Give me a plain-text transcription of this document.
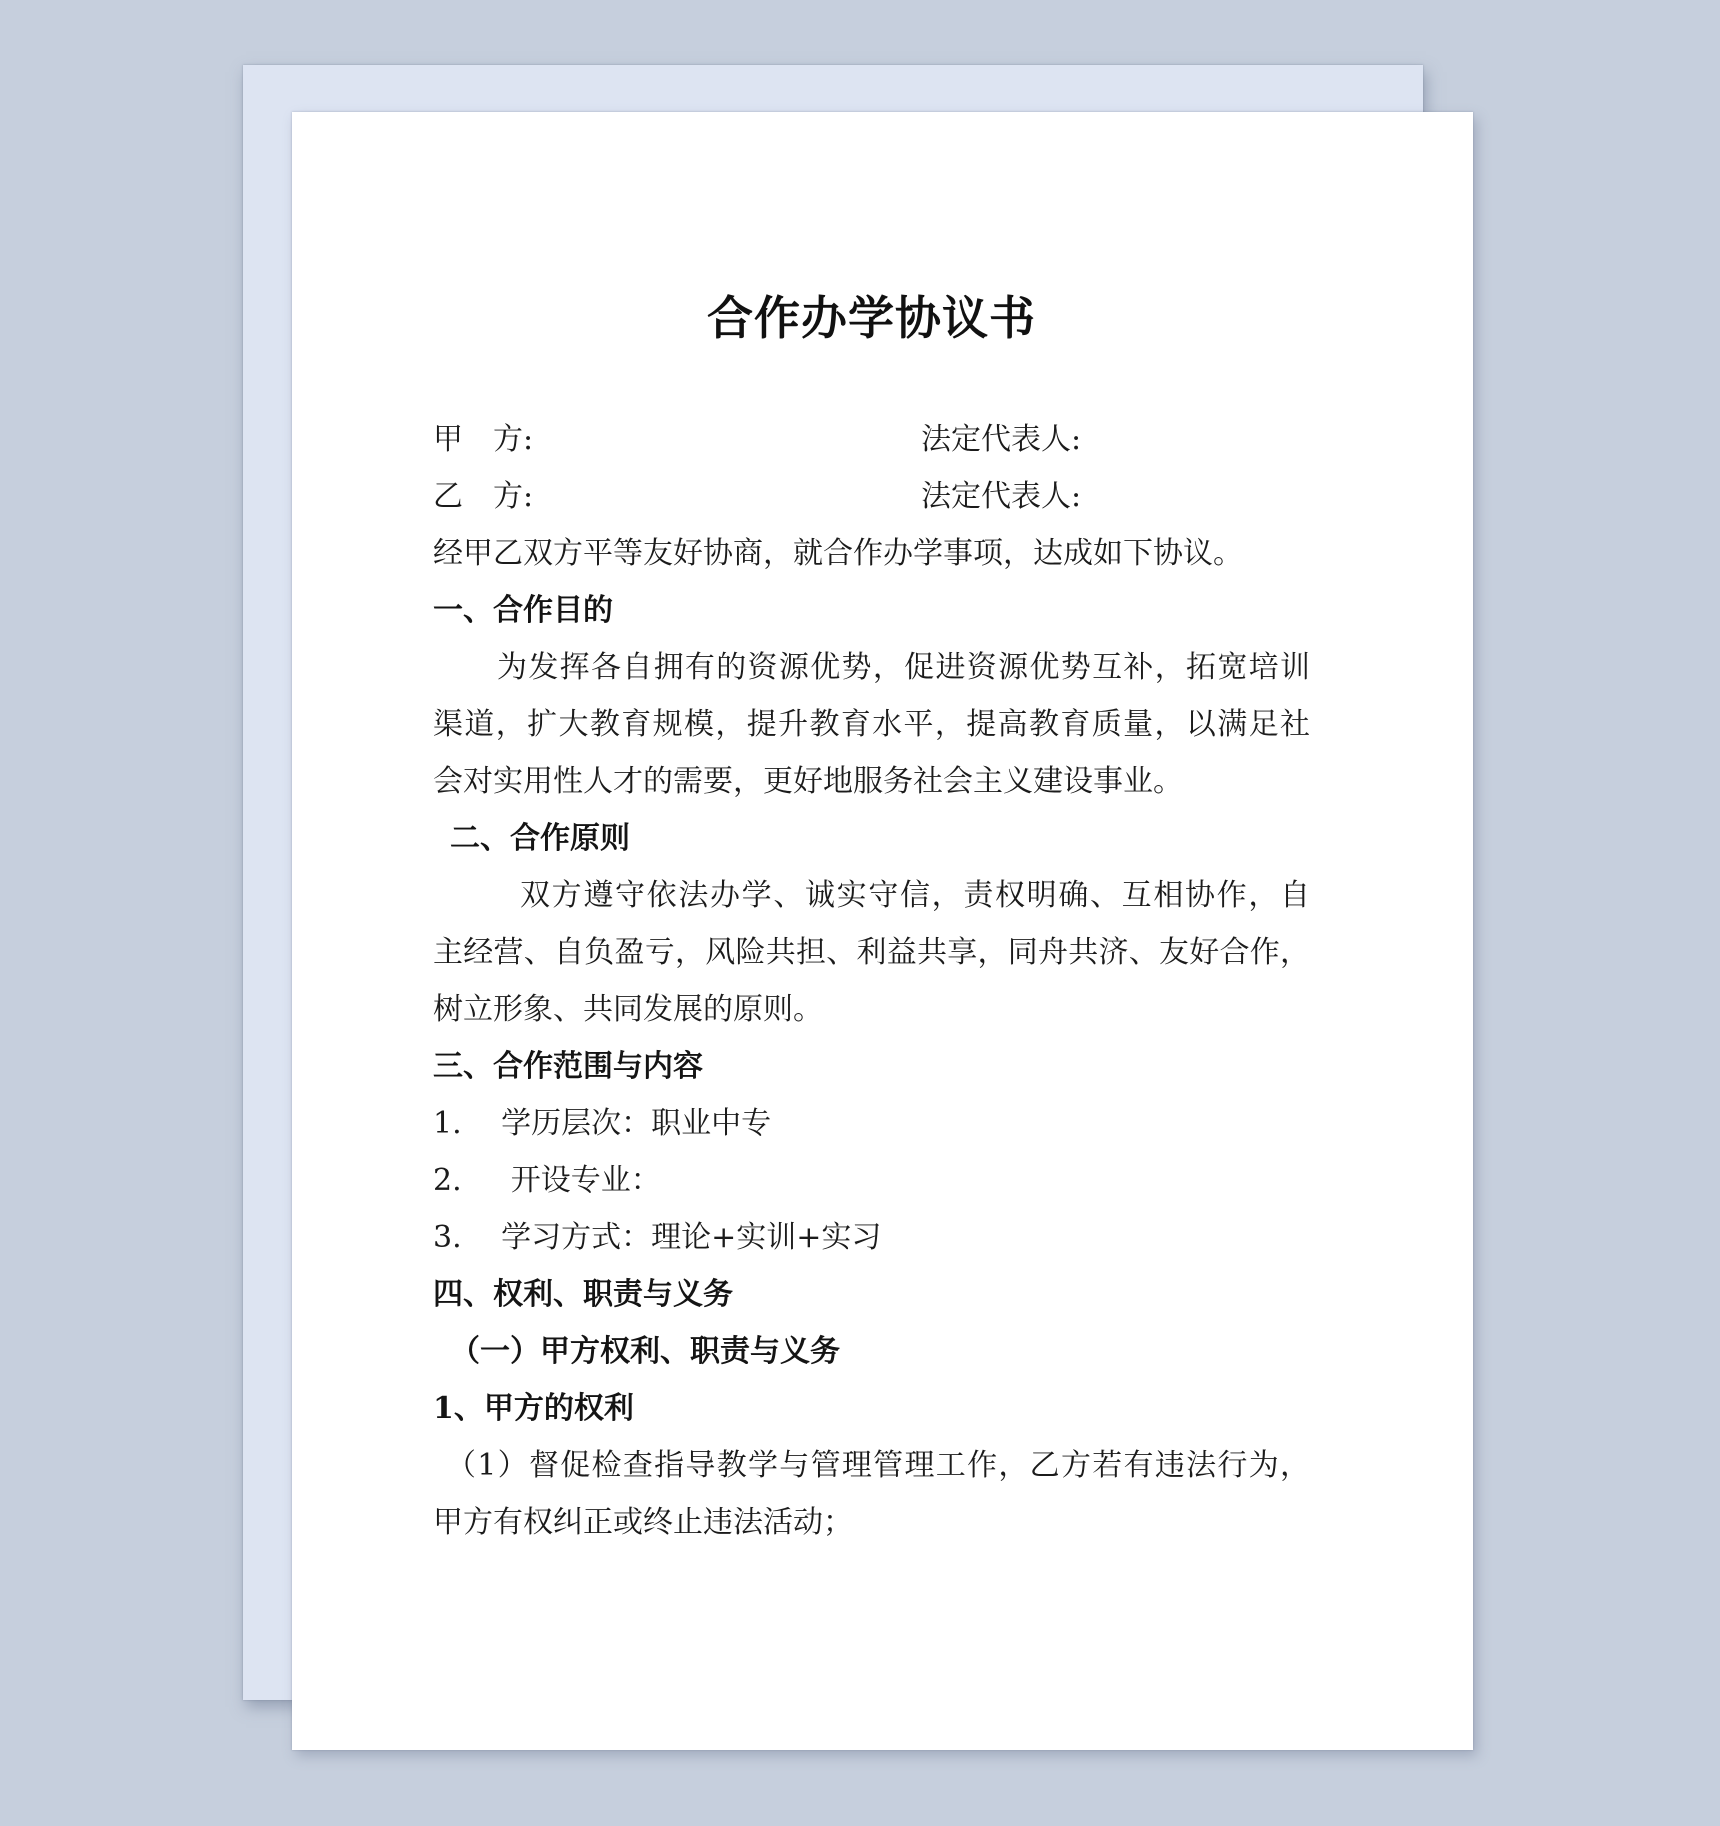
合作办学协议书
甲　方:	法定代表人:
乙　方:	法定代表人:
经甲乙双方平等友好协商，就合作办学事项，达成如下协议。
一、合作目的
为发挥各自拥有的资源优势，促进资源优势互补，拓宽培训
渠道，扩大教育规模，提升教育水平，提高教育质量，以满足社
会对实用性人才的需要，更好地服务社会主义建设事业。
二、合作原则
双方遵守依法办学、诚实守信，责权明确、互相协作，自
主经营、自负盈亏，风险共担、利益共享，同舟共济、友好合作，
树立形象、共同发展的原则。
三、合作范围与内容
1.　 学历层次：职业中专
2.　  开设专业：
3.　 学习方式：理论+实训+实习
四、权利、职责与义务
（一）甲方权利、职责与义务
1、甲方的权利
（1）督促检查指导教学与管理管理工作，乙方若有违法行为，
甲方有权纠正或终止违法活动；
